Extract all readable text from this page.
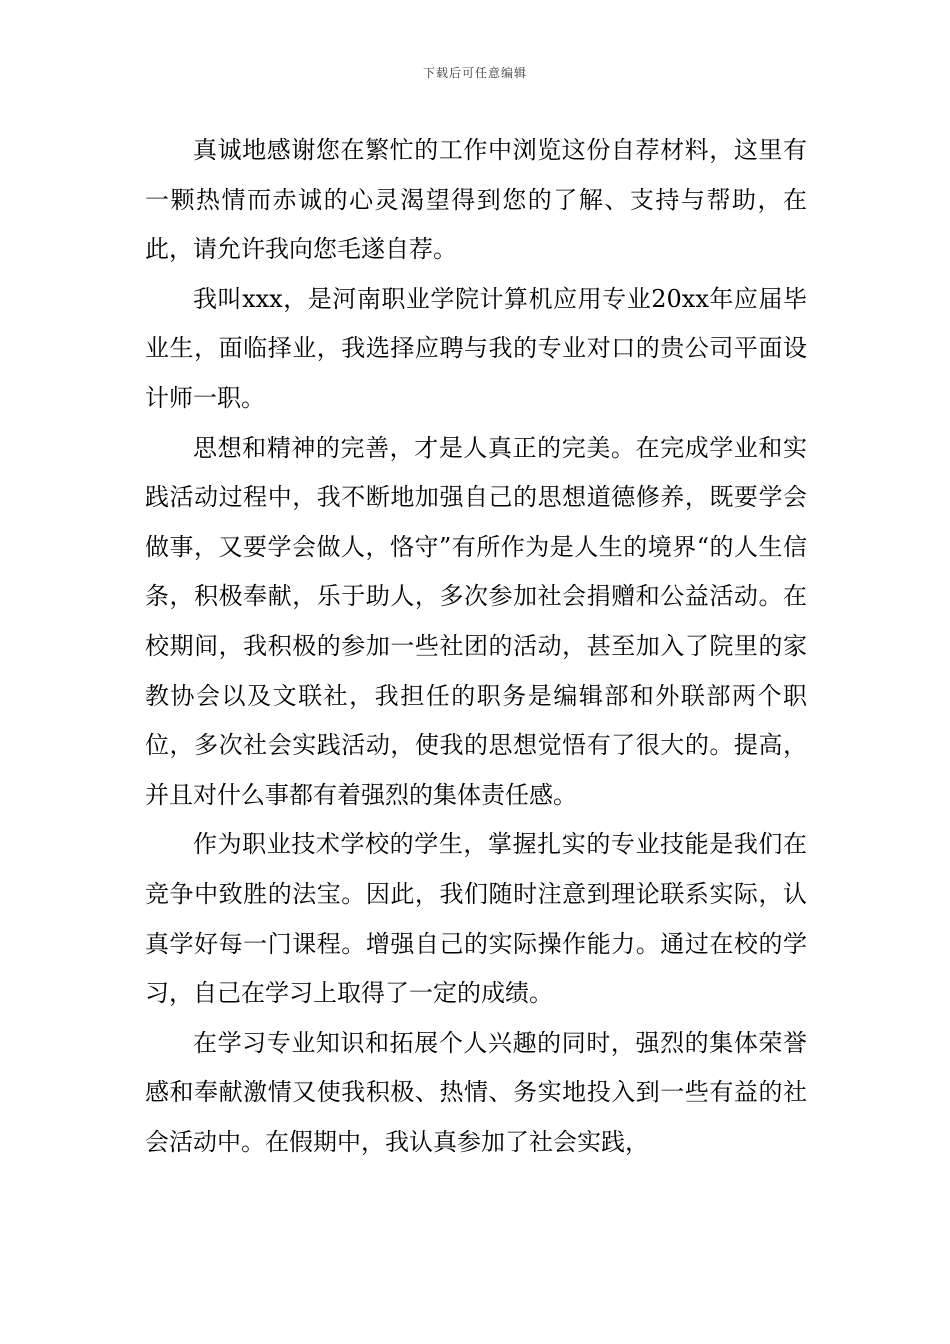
下载后可任意编辑

真诚地感谢您在繁忙的工作中浏览这份自荐材料，这里有一颗热情而赤诚的心灵渴望得到您的了解、支持与帮助，在此，请允许我向您毛遂自荐。

我叫xxx，是河南职业学院计算机应用专业20xx年应届毕业生，面临择业，我选择应聘与我的专业对口的贵公司平面设计师一职。

思想和精神的完善，才是人真正的完美。在完成学业和实践活动过程中，我不断地加强自己的思想道德修养，既要学会做事，又要学会做人，恪守”有所作为是人生的境界“的人生信条，积极奉献，乐于助人，多次参加社会捐赠和公益活动。在校期间，我积极的参加一些社团的活动，甚至加入了院里的家教协会以及文联社，我担任的职务是编辑部和外联部两个职位，多次社会实践活动，使我的思想觉悟有了很大的。提高，并且对什么事都有着强烈的集体责任感。

作为职业技术学校的学生，掌握扎实的专业技能是我们在竞争中致胜的法宝。因此，我们随时注意到理论联系实际，认真学好每一门课程。增强自己的实际操作能力。通过在校的学习，自己在学习上取得了一定的成绩。

在学习专业知识和拓展个人兴趣的同时，强烈的集体荣誉感和奉献激情又使我积极、热情、务实地投入到一些有益的社会活动中。在假期中，我认真参加了社会实践，
